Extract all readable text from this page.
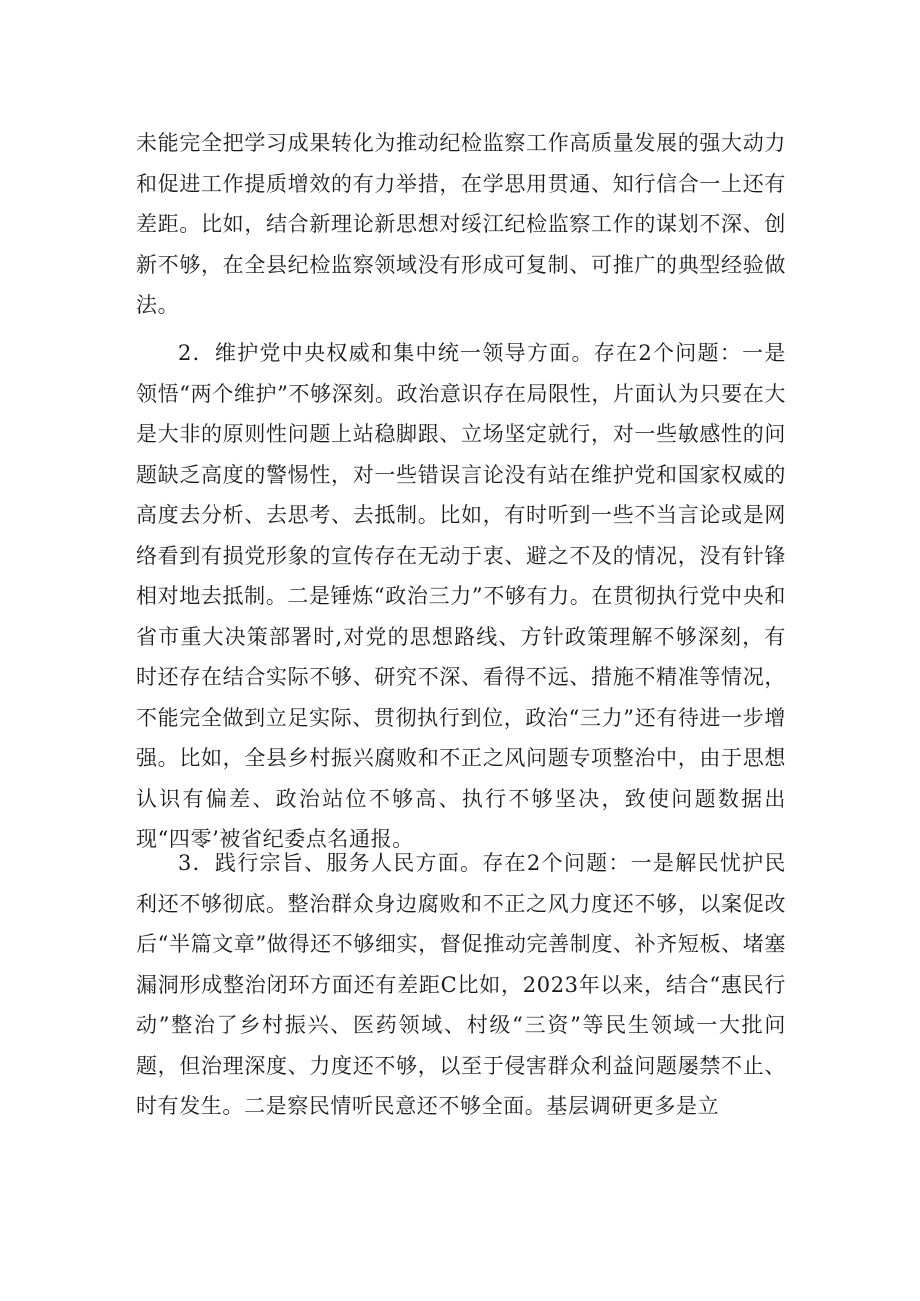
未能完全把学习成果转化为推动纪检监察工作高质量发展的强大动力和促进工作提质增效的有力举措，在学思用贯通、知行信合一上还有差距。比如，结合新理论新思想对绥江纪检监察工作的谋划不深、创新不够，在全县纪检监察领域没有形成可复制、可推广的典型经验做法。

2．维护党中央权威和集中统一领导方面。存在2个问题：一是领悟“两个维护”不够深刻。政治意识存在局限性，片面认为只要在大是大非的原则性问题上站稳脚跟、立场坚定就行，对一些敏感性的问题缺乏高度的警惕性，对一些错误言论没有站在维护党和国家权威的高度去分析、去思考、去抵制。比如，有时听到一些不当言论或是网络看到有损党形象的宣传存在无动于衷、避之不及的情况，没有针锋相对地去抵制。二是锤炼“政治三力”不够有力。在贯彻执行党中央和省市重大决策部署时,对党的思想路线、方针政策理解不够深刻，有时还存在结合实际不够、研究不深、看得不远、措施不精准等情况，不能完全做到立足实际、贯彻执行到位，政治“三力”还有待进一步增强。比如，全县乡村振兴腐败和不正之风问题专项整治中，由于思想认识有偏差、政治站位不够高、执行不够坚决，致使问题数据出现“四零’被省纪委点名通报。

3．践行宗旨、服务人民方面。存在2个问题：一是解民忧护民利还不够彻底。整治群众身边腐败和不正之风力度还不够，以案促改后“半篇文章”做得还不够细实，督促推动完善制度、补齐短板、堵塞漏洞形成整治闭环方面还有差距C比如，2023年以来，结合“惠民行动”整治了乡村振兴、医药领域、村级“三资”等民生领域一大批问题，但治理深度、力度还不够，以至于侵害群众利益问题屡禁不止、时有发生。二是察民情听民意还不够全面。基层调研更多是立
